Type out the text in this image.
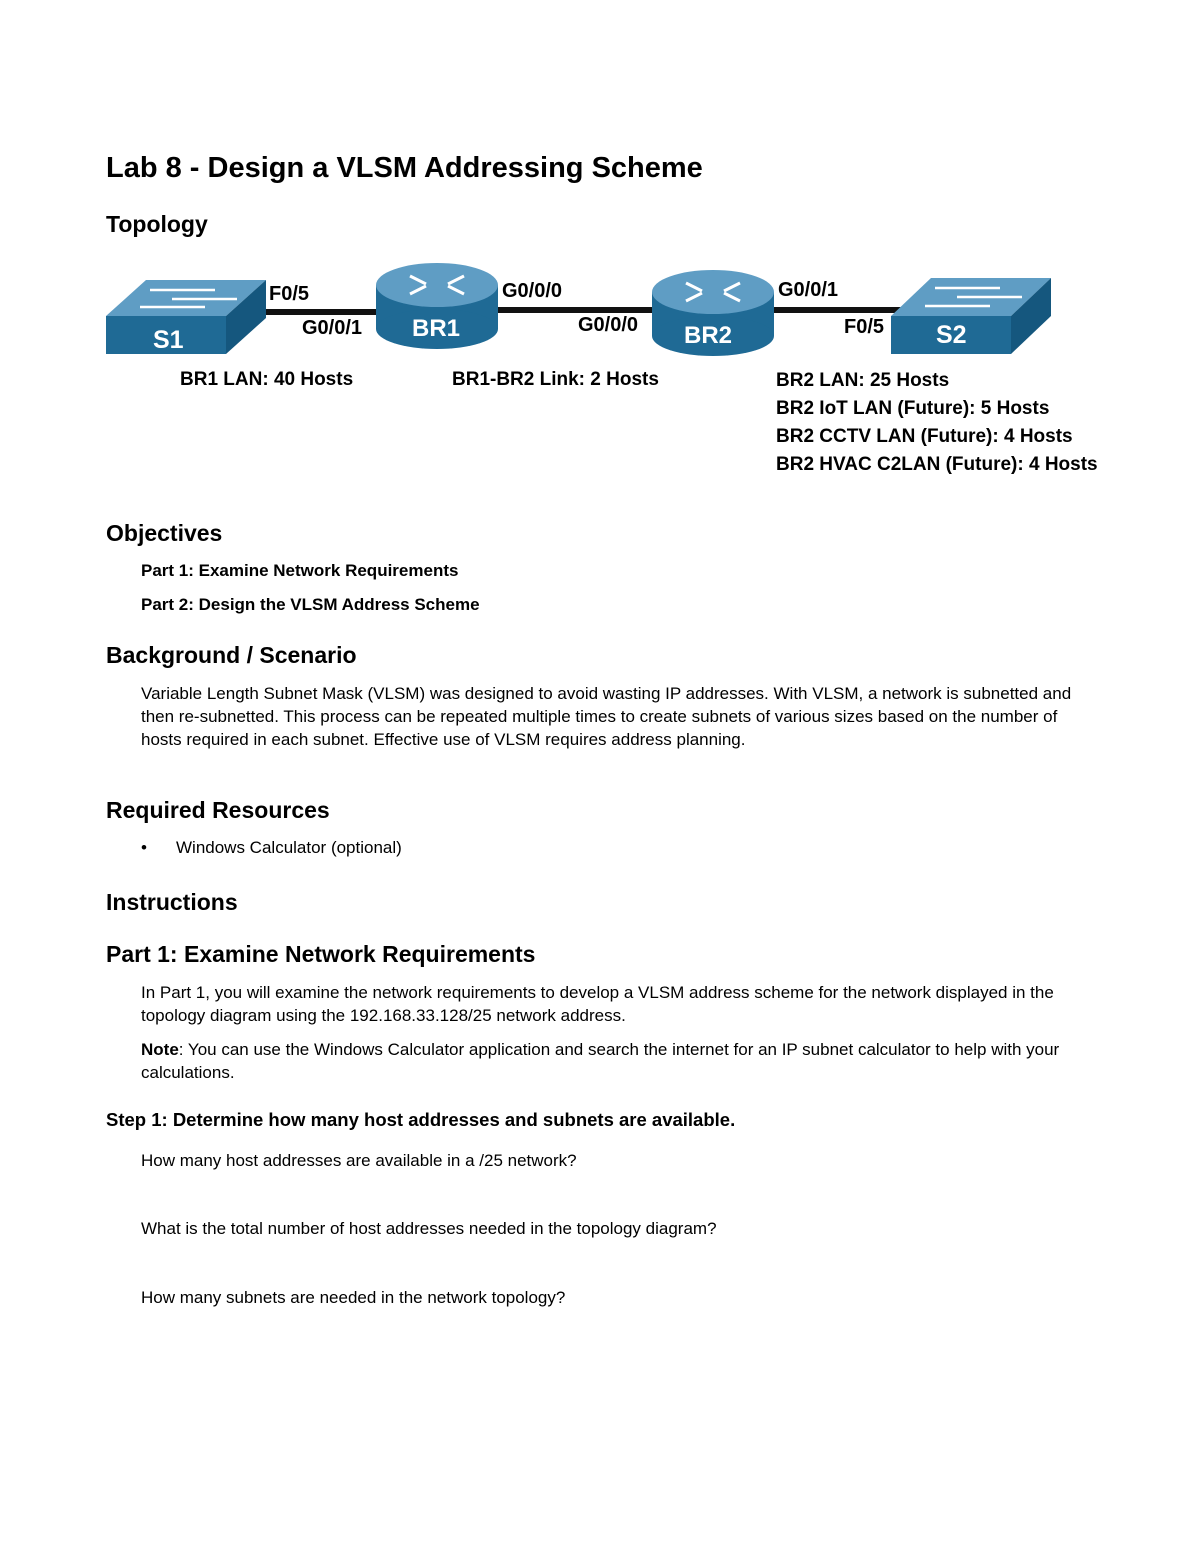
Lab 8 - Design a VLSM Addressing Scheme
Topology
S1	BR1	BR2	S2
F0/5
G0/0/1
G0/0/0
G0/0/0
G0/0/1
F0/5
BR1 LAN: 40 Hosts	BR1-BR2 Link: 2 Hosts	BR2 LAN: 25 Hosts
BR2 IoT LAN (Future): 5 Hosts
BR2 CCTV LAN (Future): 4 Hosts
BR2 HVAC C2LAN (Future): 4 Hosts
Objectives
Part 1: Examine Network Requirements
Part 2: Design the VLSM Address Scheme
Background / Scenario
Variable Length Subnet Mask (VLSM) was designed to avoid wasting IP addresses. With VLSM, a network is subnetted and then re-subnetted. This process can be repeated multiple times to create subnets of various sizes based on the number of hosts required in each subnet. Effective use of VLSM requires address planning.
Required Resources
• Windows Calculator (optional)
Instructions
Part 1: Examine Network Requirements
In Part 1, you will examine the network requirements to develop a VLSM address scheme for the network displayed in the topology diagram using the 192.168.33.128/25 network address.
Note: You can use the Windows Calculator application and search the internet for an IP subnet calculator to help with your calculations.
Step 1: Determine how many host addresses and subnets are available.
How many host addresses are available in a /25 network?
What is the total number of host addresses needed in the topology diagram?
How many subnets are needed in the network topology?
